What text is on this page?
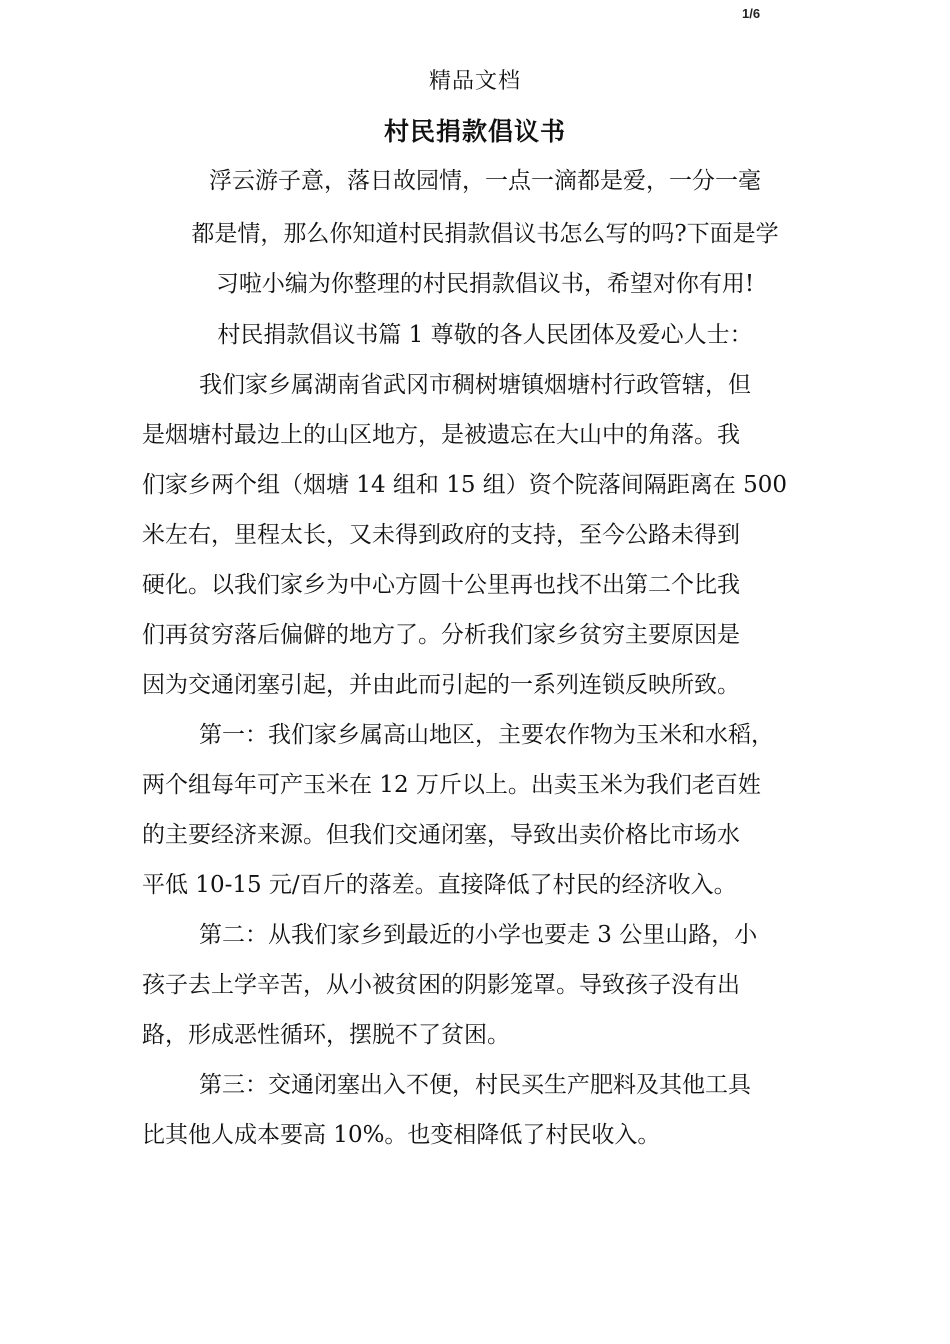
1/6
精品文档
村民捐款倡议书
浮云游子意，落日故园情，一点一滴都是爱，一分一毫
都是情，那么你知道村民捐款倡议书怎么写的吗?下面是学
习啦小编为你整理的村民捐款倡议书，希望对你有用!
村民捐款倡议书篇 1 尊敬的各人民团体及爱心人士：
我们家乡属湖南省武冈市稠树塘镇烟塘村行政管辖，但
是烟塘村最边上的山区地方，是被遗忘在大山中的角落。我
们家乡两个组（烟塘 14 组和 15 组）资个院落间隔距离在 500
米左右，里程太长，又未得到政府的支持，至今公路未得到
硬化。以我们家乡为中心方圆十公里再也找不出第二个比我
们再贫穷落后偏僻的地方了。分析我们家乡贫穷主要原因是
因为交通闭塞引起，并由此而引起的一系列连锁反映所致。
第一：我们家乡属高山地区，主要农作物为玉米和水稻，
两个组每年可产玉米在 12 万斤以上。出卖玉米为我们老百姓
的主要经济来源。但我们交通闭塞，导致出卖价格比市场水
平低 10-15 元/百斤的落差。直接降低了村民的经济收入。
第二：从我们家乡到最近的小学也要走 3 公里山路，小
孩子去上学辛苦，从小被贫困的阴影笼罩。导致孩子没有出
路，形成恶性循环，摆脱不了贫困。
第三：交通闭塞出入不便，村民买生产肥料及其他工具
比其他人成本要高 10%。也变相降低了村民收入。
